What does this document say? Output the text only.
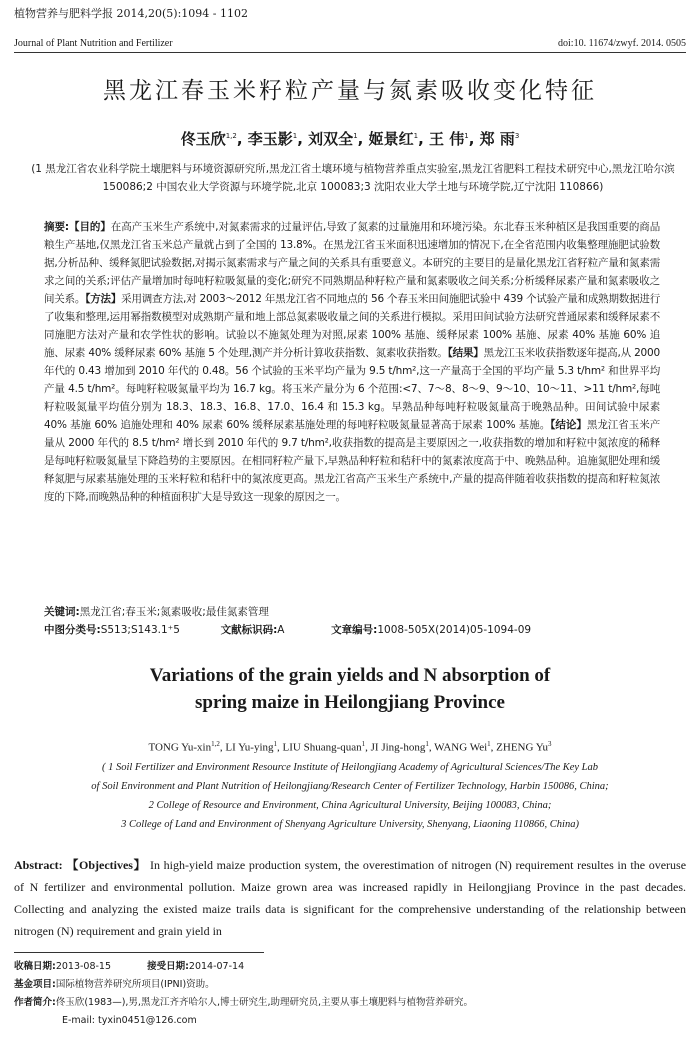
植物营养与肥料学报 2014,20(5):1094 - 1102
Journal of Plant Nutrition and Fertilizer	doi:10. 11674/zwyf. 2014. 0505
黑龙江春玉米籽粒产量与氮素吸收变化特征
佟玉欣$^{1,2}$, 李玉影$^1$, 刘双全$^1$, 姬景红$^1$, 王 伟$^1$, 郑 雨$^3$
(1 黑龙江省农业科学院土壤肥料与环境资源研究所,黑龙江省土壤环境与植物营养重点实验室,黑龙江省肥料工程技术研究中心,黑龙江哈尔滨 150086;2 中国农业大学资源与环境学院,北京 100083;3 沈阳农业大学土地与环境学院,辽宁沈阳 110866)

摘要:【目的】在高产玉米生产系统中,对氮素需求的过量评估,导致了氮素的过量施用和环境污染。东北春玉米种植区是我国重要的商品粮生产基地,仅黑龙江省玉米总产量就占到了全国的 13.8%。在黑龙江省玉米面积迅速增加的情况下,在全省范围内收集整理施肥试验数据,分析品种、缓释氮肥试验数据,对揭示氮素需求与产量之间的关系具有重要意义。本研究的主要目的是量化黑龙江省籽粒产量和氮素需求之间的关系;评估产量增加时每吨籽粒吸氮量的变化;研究不同熟期品种籽粒产量和氮素吸收之间关系;分析缓释尿素产量和氮素吸收之间关系。【方法】采用调查方法,对 2003〜2012 年黑龙江省不同地点的 56 个春玉米田间施肥试验中 439 个试验产量和成熟期数据进行了收集和整理,运用幂指数模型对成熟期产量和地上部总氮素吸收量之间的关系进行模拟。采用田间试验方法研究普通尿素和缓释尿素不同施肥方法对产量和农学性状的影响。试验以不施氮处理为对照,尿素 100% 基施、缓释尿素 100% 基施、尿素 40% 基施 60% 追施、尿素 40% 缓释尿素 60% 基施 5 个处理,测产并分析计算收获指数、氮素收获指数。【结果】黑龙江玉米收获指数逐年提高,从 2000 年代的 0.43 增加到 2010 年代的 0.48。56 个试验的玉米平均产量为 9.5 t/hm²,这一产量高于全国的平均产量 5.3 t/hm² 和世界平均产量 4.5 t/hm²。每吨籽粒吸氮量平均为 16.7 kg。将玉米产量分为 6 个范围:<7、7〜8、8〜9、9〜10、10〜11、>11 t/hm²,每吨籽粒吸氮量平均值分别为 18.3、18.3、16.8、17.0、16.4 和 15.3 kg。早熟品种每吨籽粒吸氮量高于晚熟品种。田间试验中尿素 40% 基施 60% 追施处理和 40% 尿素 60% 缓释尿素基施处理的每吨籽粒吸氮量显著高于尿素 100% 基施。【结论】黑龙江省玉米产量从 2000 年代的 8.5 t/hm² 增长到 2010 年代的 9.7 t/hm²,收获指数的提高是主要原因之一,收获指数的增加和籽粒中氮浓度的稀释是每吨籽粒吸氮量呈下降趋势的主要原因。在相同籽粒产量下,早熟品种籽粒和秸秆中的氮素浓度高于中、晚熟品种。追施氮肥处理和缓释氮肥与尿素基施处理的玉米籽粒和秸秆中的氮浓度更高。黑龙江省高产玉米生产系统中,产量的提高伴随着收获指数的提高和籽粒氮浓度的下降,而晚熟品种的种植面积扩大是导致这一现象的原因之一。

关键词:黑龙江省;春玉米;氮素吸收;最佳氮素管理
中图分类号:S513;S143.1⁺5	文献标识码:A	文章编号:1008-505X(2014)05-1094-09
Variations of the grain yields and N absorption of spring maize in Heilongjiang Province
TONG Yu-xin$^{1,2}$, LI Yu-ying$^1$, LIU Shuang-quan$^1$, JI Jing-hong$^1$, WANG Wei$^1$, ZHENG Yu$^3$
( 1 Soil Fertilizer and Environment Resource Institute of Heilongjiang Academy of Agricultural Sciences/The Key Lab
of Soil Environment and Plant Nutrition of Heilongjiang/Research Center of Fertilizer Technology, Harbin 150086, China;
2 College of Resource and Environment, China Agricultural University, Beijing 100083, China;
3 College of Land and Environment of Shenyang Agriculture University, Shenyang, Liaoning 110866, China)
Abstract: 【Objectives】 In high-yield maize production system, the overestimation of nitrogen (N) requirement resultes in the overuse of N fertilizer and environmental pollution. Maize grown area was increased rapidly in Heilongjiang Province in the past decades. Collecting and analyzing the existed maize trails data is significant for the comprehensive understanding of the relationship between nitrogen (N) requirement and grain yield in
收稿日期:2013-08-15	接受日期:2014-07-14
基金项目:国际植物营养研究所项目(IPNI)资助。
作者简介:佟玉欣(1983—),男,黑龙江齐齐哈尔人,博士研究生,助理研究员,主要从事土壤肥料与植物营养研究。
E-mail: tyxin0451@126.com
